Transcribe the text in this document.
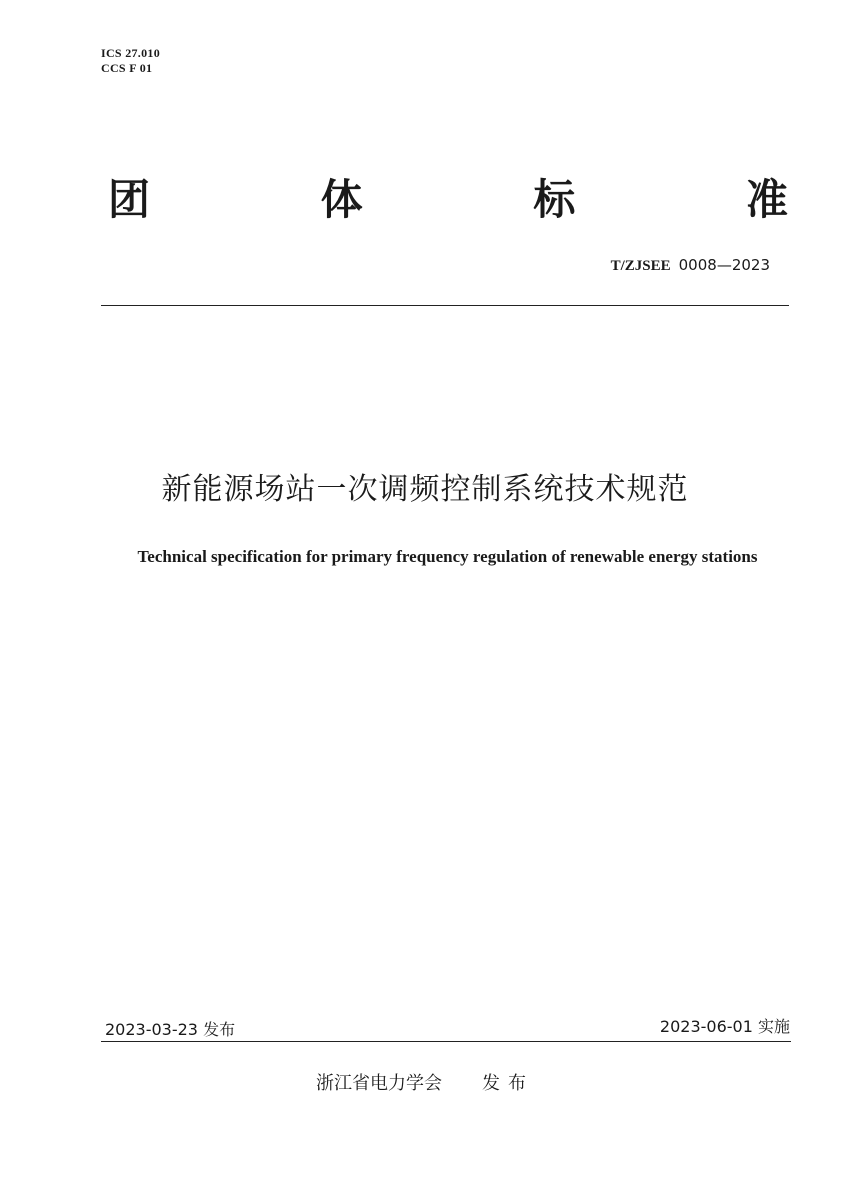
ICS 27.010
CCS F 01
团	体	标	准
T/ZJSEE 0008—2023
新能源场站一次调频控制系统技术规范
Technical specification for primary frequency regulation of renewable energy stations
2023-03-23 发布	2023-06-01 实施
浙江省电力学会 发布
